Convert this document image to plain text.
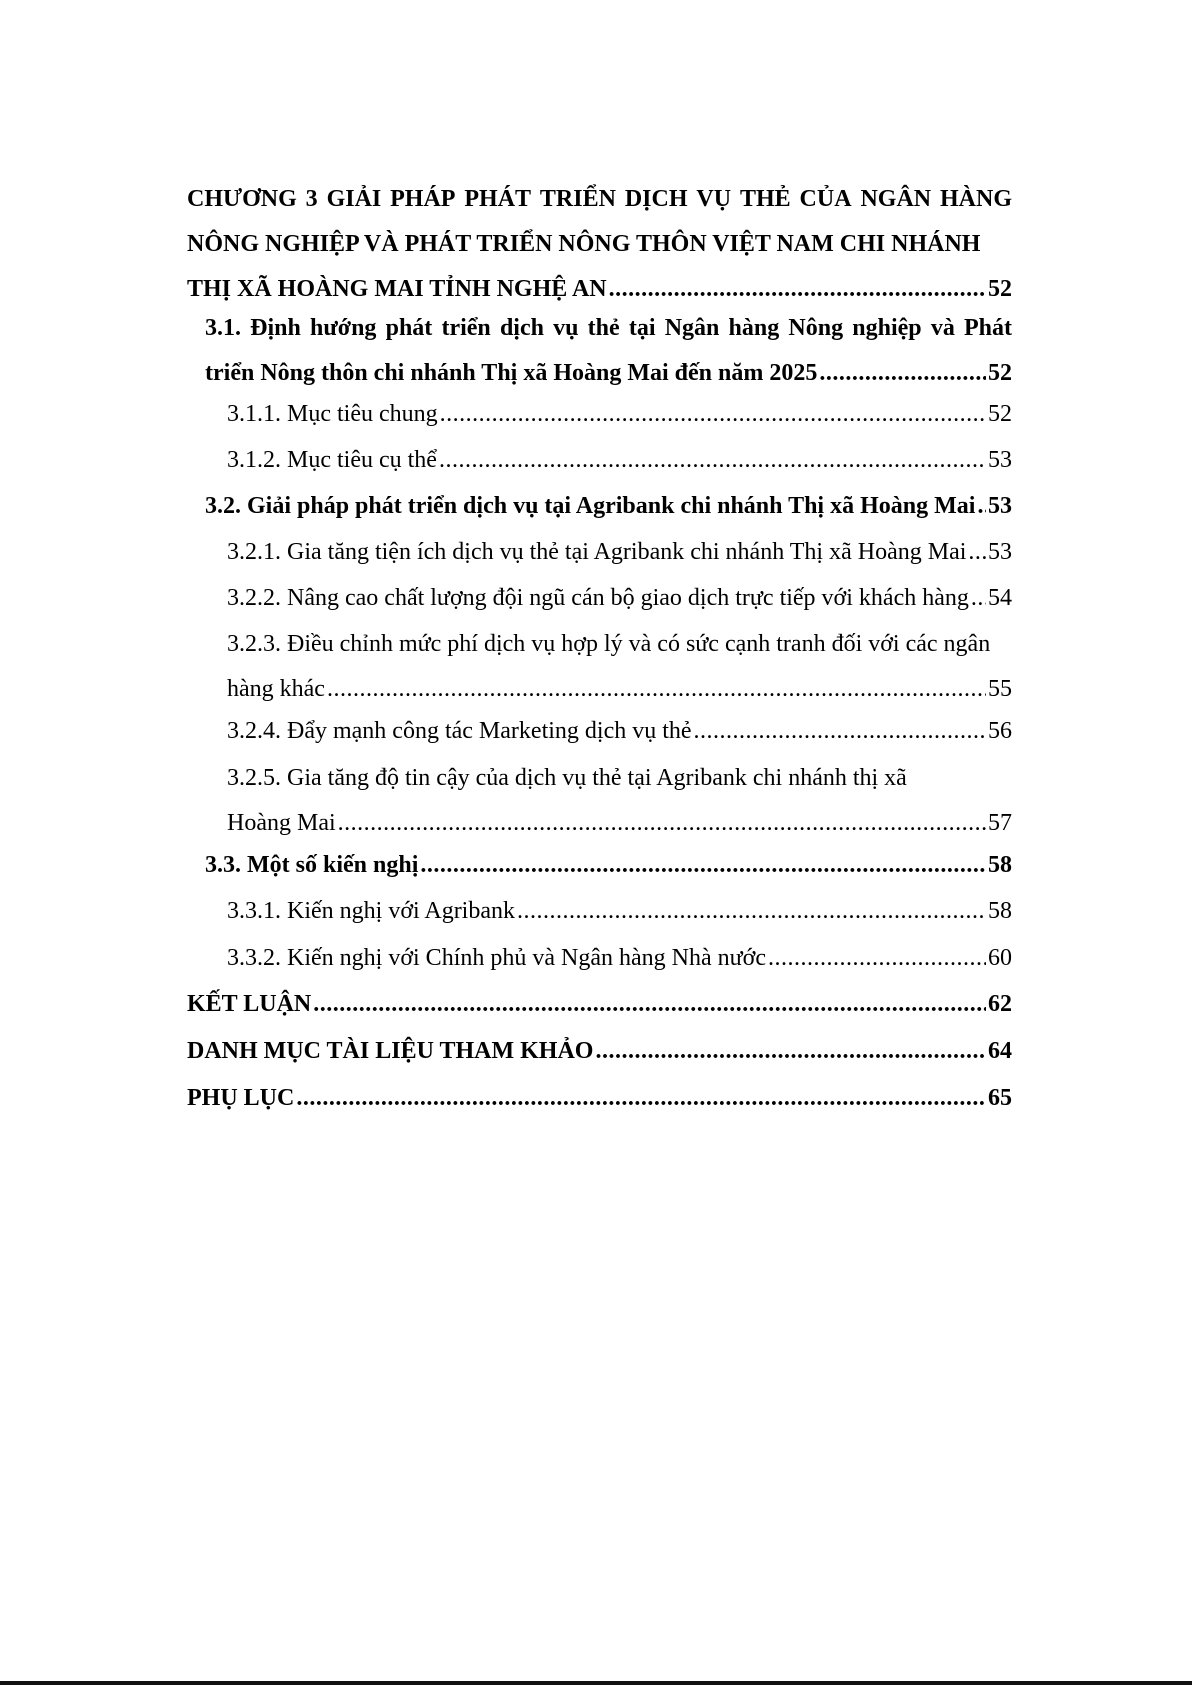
CHƯƠNG 3 GIẢI PHÁP PHÁT TRIỂN DỊCH VỤ THẺ CỦA NGÂN HÀNG
NÔNG NGHIỆP VÀ PHÁT TRIỂN NÔNG THÔN VIỆT NAM CHI NHÁNH
THỊ XÃ HOÀNG MAI TỈNH NGHỆ AN .....	52
3.1. Định hướng phát triển dịch vụ thẻ tại Ngân hàng Nông nghiệp và Phát
triển Nông thôn chi nhánh Thị xã Hoàng Mai đến năm 2025 .....	52
3.1.1. Mục tiêu chung .....	52
3.1.2. Mục tiêu cụ thể .....	53
3.2. Giải pháp phát triển dịch vụ tại Agribank chi nhánh Thị xã Hoàng Mai ..... 53
3.2.1. Gia tăng tiện ích dịch vụ thẻ tại Agribank chi nhánh Thị xã Hoàng Mai ..... 53
3.2.2. Nâng cao chất lượng đội ngũ cán bộ giao dịch trực tiếp với khách hàng ..... 54
3.2.3. Điều chỉnh mức phí dịch vụ hợp lý và có sức cạnh tranh đối với các ngân
hàng khác .....	55
3.2.4. Đẩy mạnh công tác Marketing dịch vụ thẻ .....	56
3.2.5. Gia tăng độ tin cậy của dịch vụ thẻ tại Agribank chi nhánh thị xã
Hoàng Mai .....	57
3.3. Một số kiến nghị .....	58
3.3.1. Kiến nghị với Agribank .....	58
3.3.2. Kiến nghị với Chính phủ và Ngân hàng Nhà nước .....	60
KẾT LUẬN .....	62
DANH MỤC TÀI LIỆU THAM KHẢO .....	64
PHỤ LỤC .....	65
